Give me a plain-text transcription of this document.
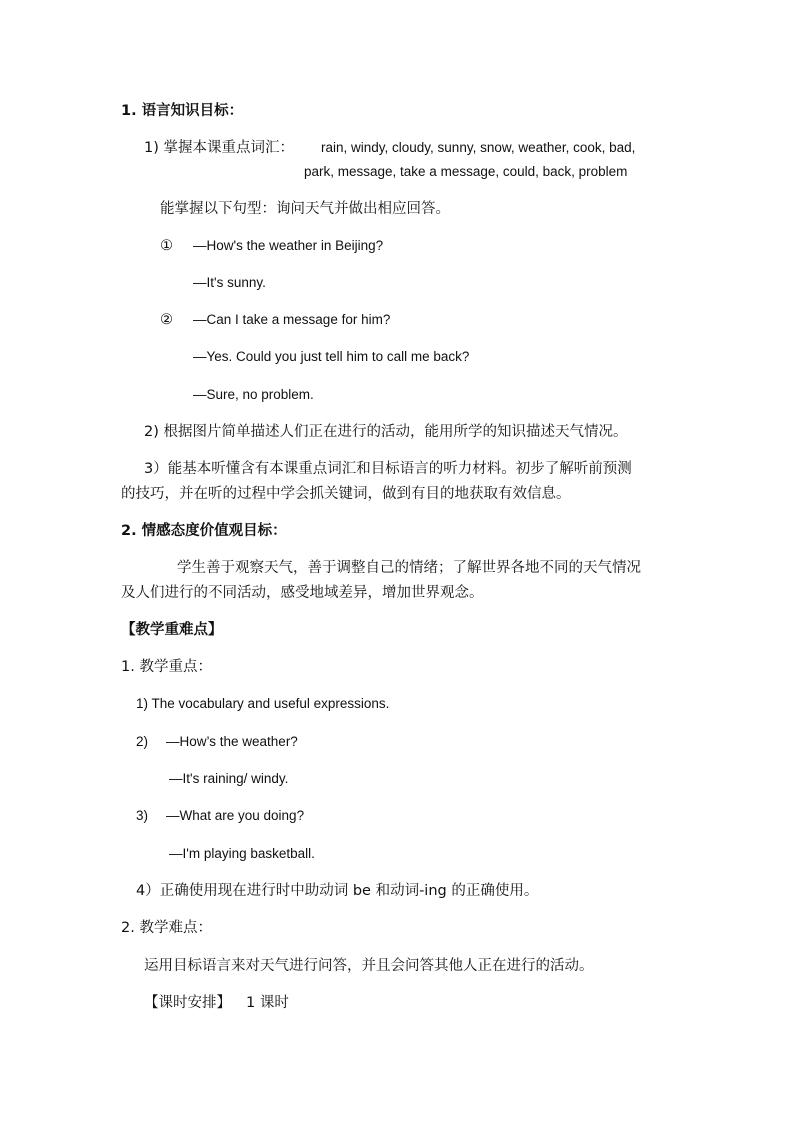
1. 语言知识目标：
1) 掌握本课重点词汇： rain, windy, cloudy, sunny, snow, weather, cook, bad,
park, message, take a message, could, back, problem
能掌握以下句型：询问天气并做出相应回答。
① —How's the weather in Beijing?
—It's sunny.
② —Can I take a message for him?
—Yes. Could you just tell him to call me back?
—Sure, no problem.
2) 根据图片简单描述人们正在进行的活动，能用所学的知识描述天气情况。
3）能基本听懂含有本课重点词汇和目标语言的听力材料。初步了解听前预测
的技巧，并在听的过程中学会抓关键词，做到有目的地获取有效信息。
2. 情感态度价值观目标：
学生善于观察天气，善于调整自己的情绪；了解世界各地不同的天气情况
及人们进行的不同活动，感受地域差异，增加世界观念。
【教学重难点】
1. 教学重点：
1) The vocabulary and useful expressions.
2) —How’s the weather?
—It's raining/ windy.
3) —What are you doing?
—I'm playing basketball.
4）正确使用现在进行时中助动词 be 和动词-ing 的正确使用。
2. 教学难点：
运用目标语言来对天气进行问答，并且会问答其他人正在进行的活动。
【课时安排】 1 课时
